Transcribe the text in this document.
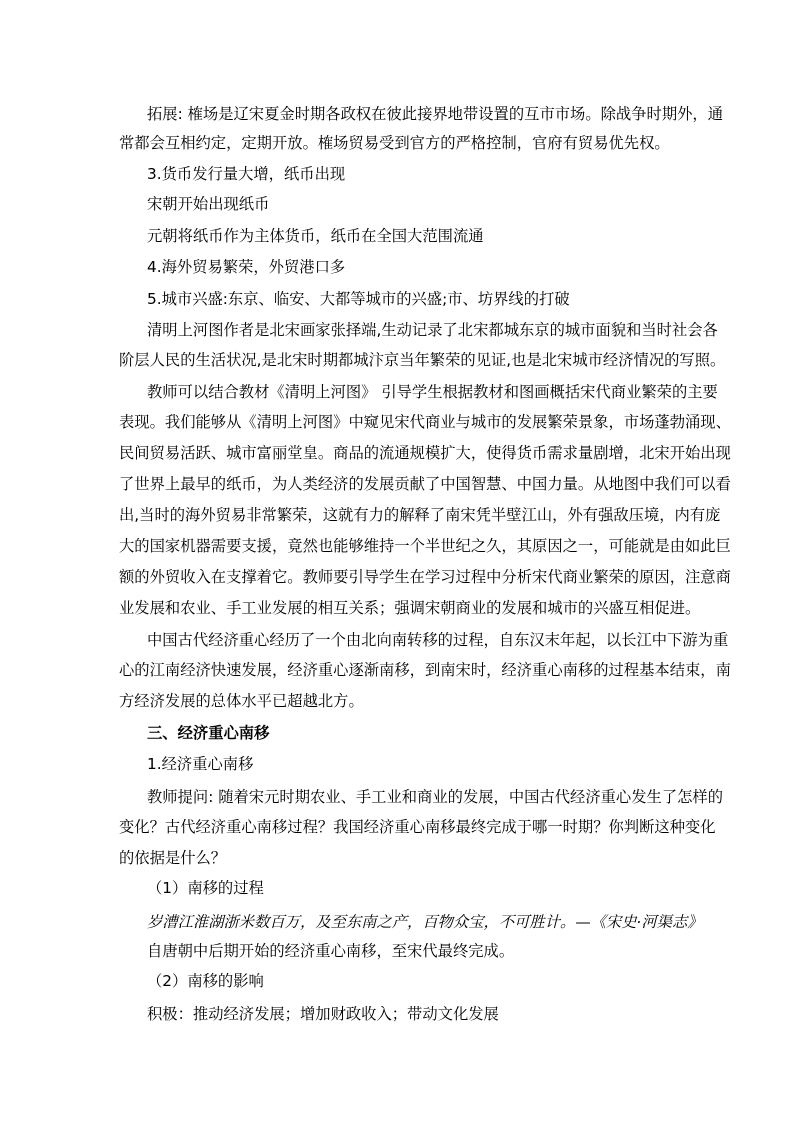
拓展: 榷场是辽宋夏金时期各政权在彼此接界地带设置的互市市场。除战争时期外，通
常都会互相约定，定期开放。榷场贸易受到官方的严格控制，官府有贸易优先权。
3.货币发行量大增，纸币出现
宋朝开始出现纸币
元朝将纸币作为主体货币，纸币在全国大范围流通
4.海外贸易繁荣，外贸港口多
5.城市兴盛:东京、临安、大都等城市的兴盛;市、坊界线的打破
清明上河图作者是北宋画家张择端,生动记录了北宋都城东京的城市面貌和当时社会各
阶层人民的生活状况,是北宋时期都城汴京当年繁荣的见证,也是北宋城市经济情况的写照。
教师可以结合教材《清明上河图》 引导学生根据教材和图画概括宋代商业繁荣的主要
表现。我们能够从《清明上河图》中窥见宋代商业与城市的发展繁荣景象，市场蓬勃涌现、
民间贸易活跃、城市富丽堂皇。商品的流通规模扩大，使得货币需求量剧增，北宋开始出现
了世界上最早的纸币，为人类经济的发展贡献了中国智慧、中国力量。从地图中我们可以看
出,当时的海外贸易非常繁荣，这就有力的解释了南宋凭半壁江山，外有强敌压境，内有庞
大的国家机器需要支援，竟然也能够维持一个半世纪之久，其原因之一，可能就是由如此巨
额的外贸收入在支撑着它。教师要引导学生在学习过程中分析宋代商业繁荣的原因，注意商
业发展和农业、手工业发展的相互关系；强调宋朝商业的发展和城市的兴盛互相促进。
中国古代经济重心经历了一个由北向南转移的过程，自东汉末年起，以长江中下游为重
心的江南经济快速发展，经济重心逐渐南移，到南宋时，经济重心南移的过程基本结束，南
方经济发展的总体水平已超越北方。
三、经济重心南移
1.经济重心南移
教师提问: 随着宋元时期农业、手工业和商业的发展，中国古代经济重心发生了怎样的
变化？古代经济重心南移过程？我国经济重心南移最终完成于哪一时期？你判断这种变化
的依据是什么？
（1）南移的过程
岁漕江淮湖浙米数百万，及至东南之产，百物众宝，不可胜计。—《宋史·河渠志》
自唐朝中后期开始的经济重心南移，至宋代最终完成。
（2）南移的影响
积极：推动经济发展；增加财政收入；带动文化发展
